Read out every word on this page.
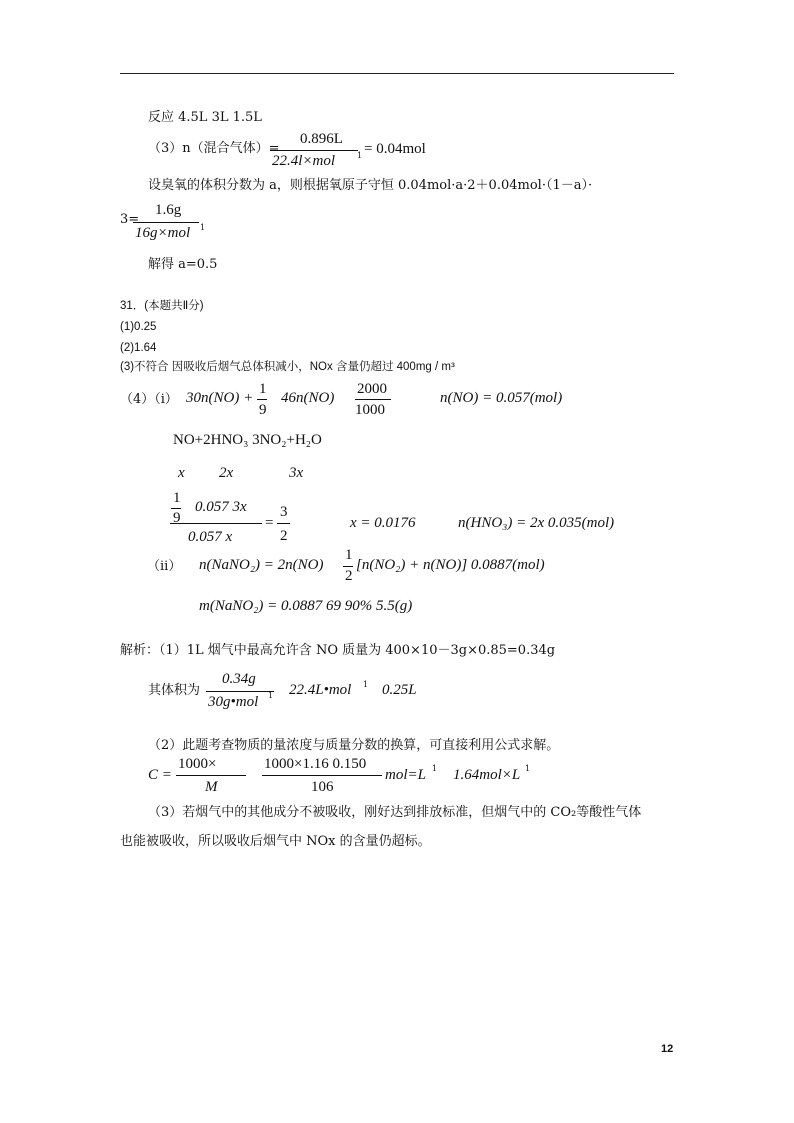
反应 4.5L 3L 1.5L
（3）n（混合气体）=
0.896L
22.4l×mol	1 = 0.04mol
设臭氧的体积分数为 a，则根据氧原子守恒 0.04mol·a·2＋0.04mol·（1－a）·
3=
1.6g
16g×mol 1
解得 a=0.5
31．(本题共Ⅱ分)
(1)0.25
(2)1.64
(3)不符合 因吸收后烟气总体积减小，NOx 含量仍超过 400mg / m³
（4）（i） 30n(NO) +
1
9
46n(NO)
2000
1000
n(NO) = 0.057(mol)
NO+2HNO₃ 3NO₂+H₂O
x 2x	3x
1
9
0.057 3x
0.057 x
=
3
2
x = 0.0176	n(HNO₃) = 2x 0.035(mol)
（ii） n(NaNO₂) = 2n(NO)
1
2
[n(NO₂) + n(NO)] 0.0887(mol)
m(NaNO₂) = 0.0887 69 90% 5.5(g)
解析：（1）1L 烟气中最高允许含 NO 质量为 400×10－3g×0.85=0.34g
其体积为
0.34g
30g•mol 1 22.4L•mol 1 0.25L
（2）此题考查物质的量浓度与质量分数的换算，可直接利用公式求解。
C =
1000×
M
1000×1.16 0.150
106
mol=L 1 1.64mol×L 1
（3）若烟气中的其他成分不被吸收，刚好达到排放标准，但烟气中的 CO₂等酸性气体
也能被吸收，所以吸收后烟气中 NOx 的含量仍超标。
12
